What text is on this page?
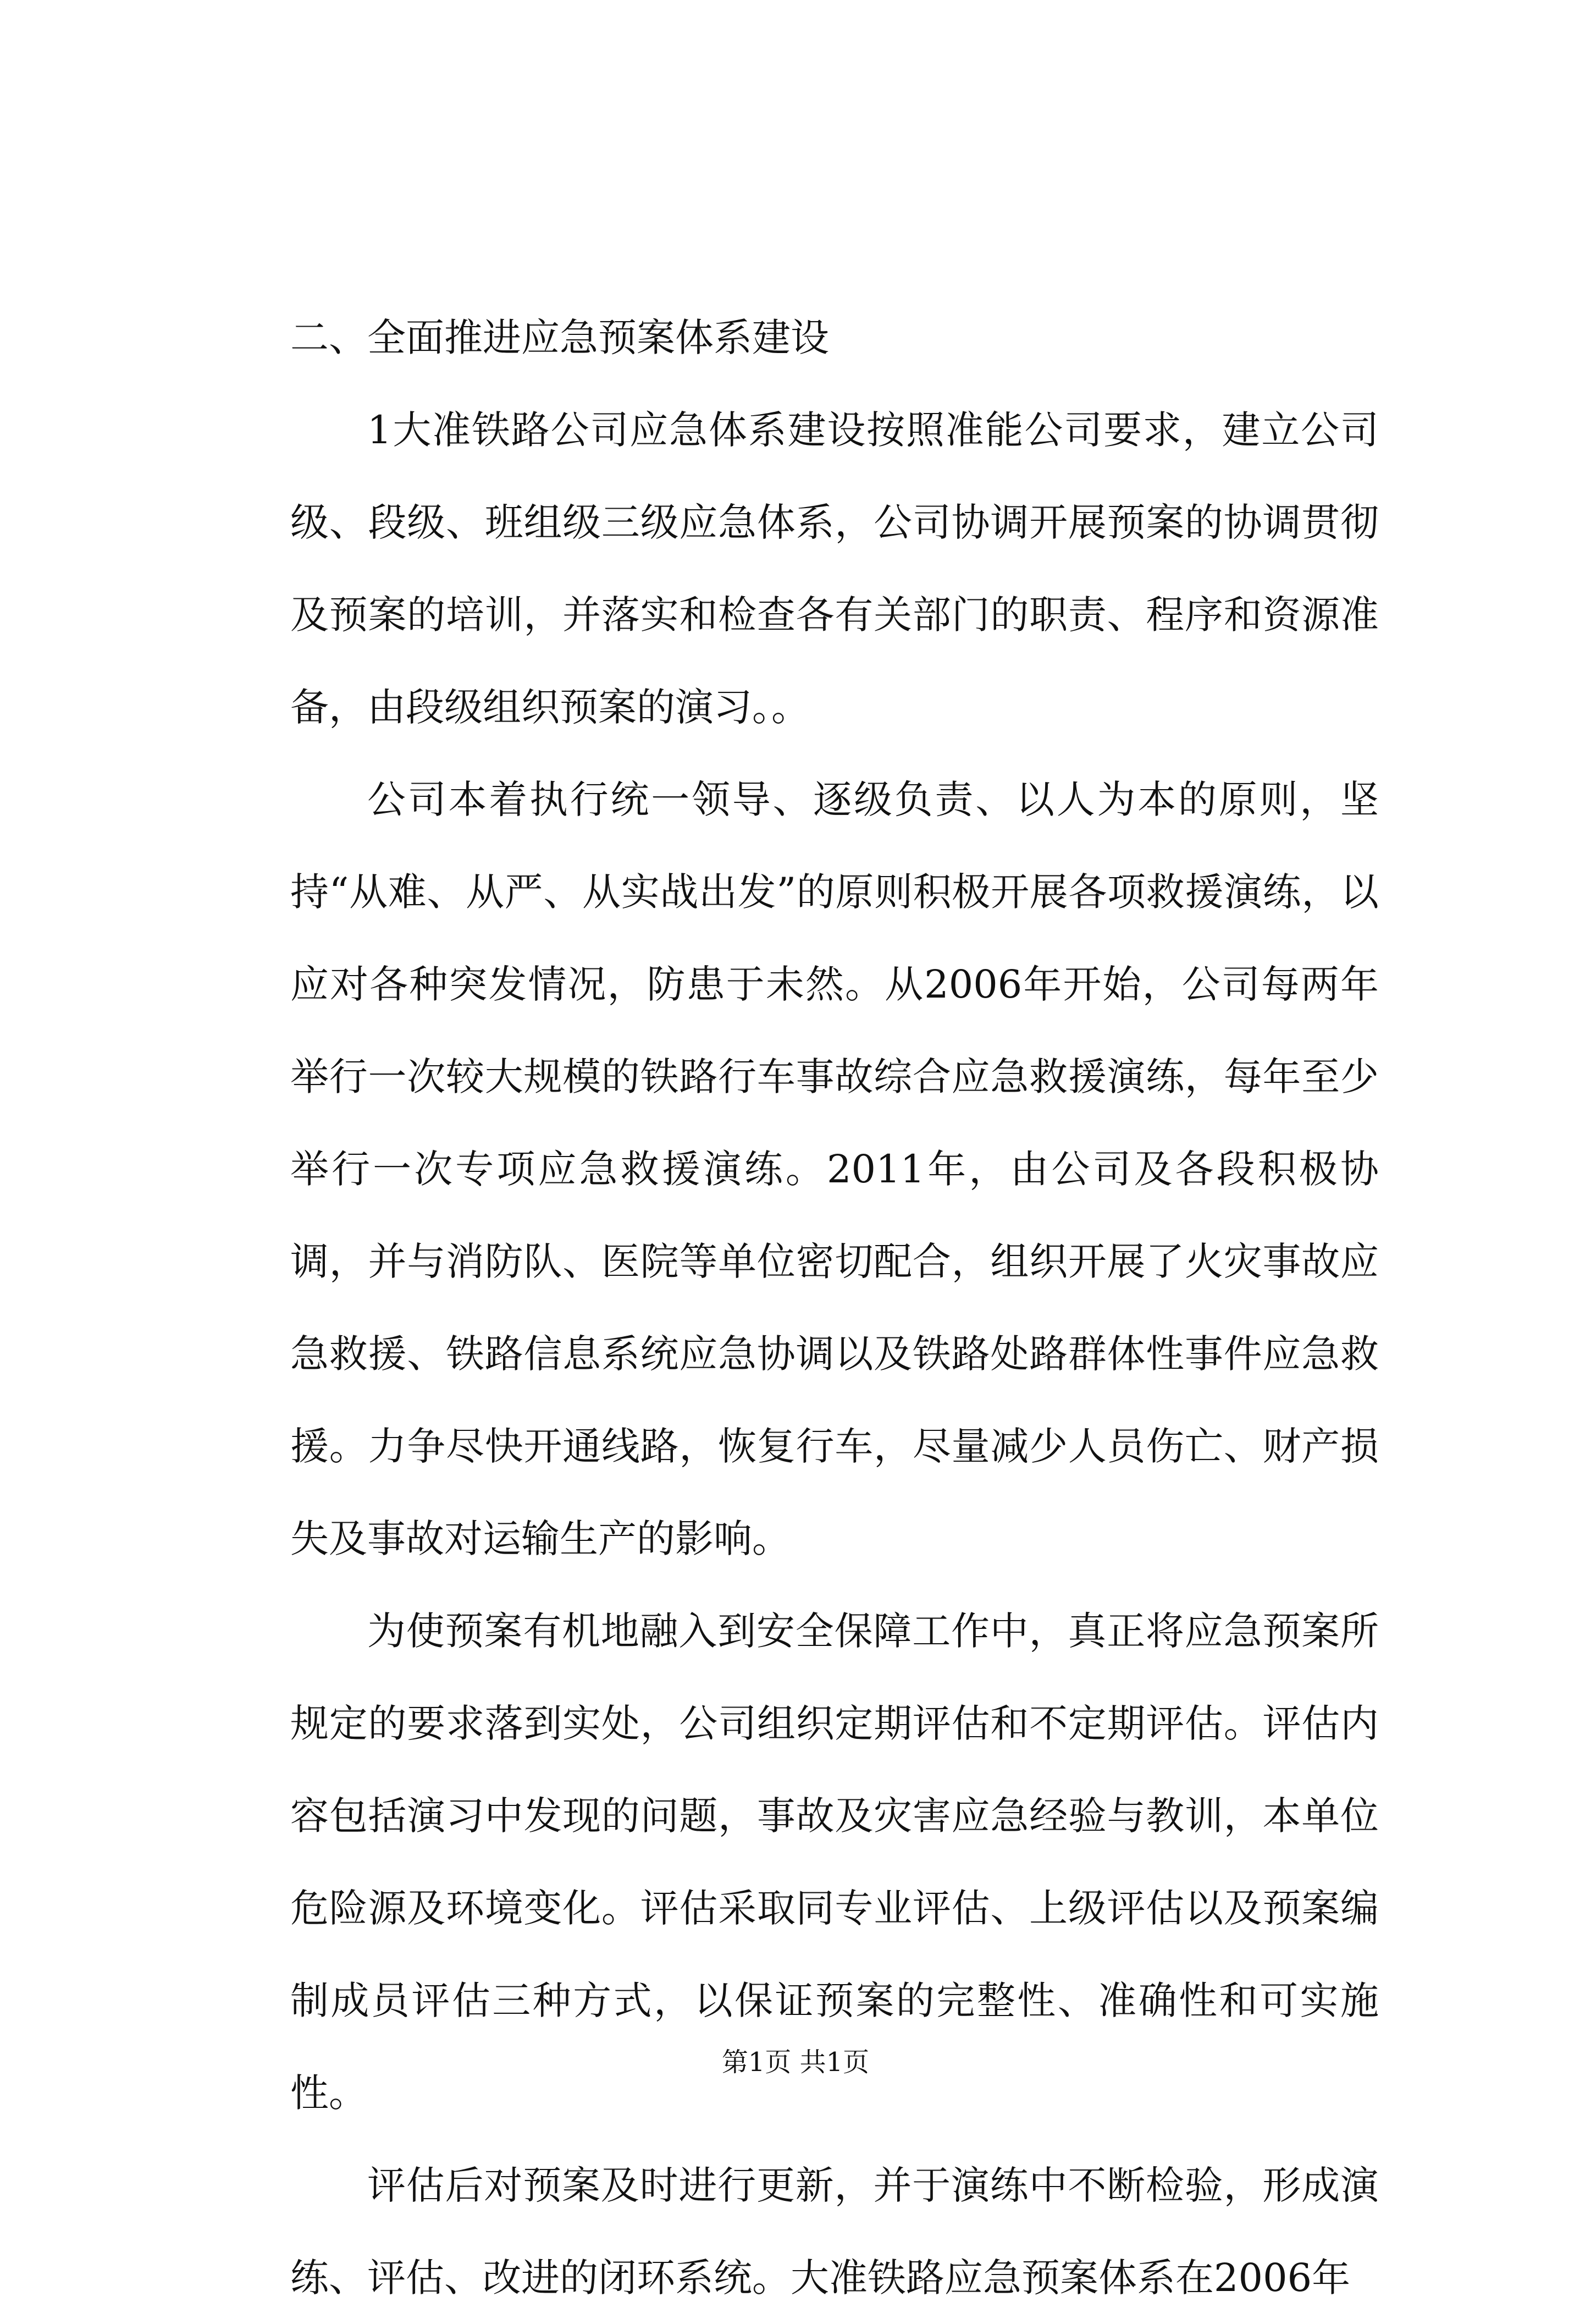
二、全面推进应急预案体系建设

1大准铁路公司应急体系建设按照准能公司要求，建立公司级、段级、班组级三级应急体系，公司协调开展预案的协调贯彻及预案的培训，并落实和检查各有关部门的职责、程序和资源准备，由段级组织预案的演习。。

公司本着执行统一领导、逐级负责、以人为本的原则，坚持“从难、从严、从实战出发”的原则积极开展各项救援演练，以应对各种突发情况，防患于未然。从2006年开始，公司每两年举行一次较大规模的铁路行车事故综合应急救援演练，每年至少举行一次专项应急救援演练。2011年，由公司及各段积极协调，并与消防队、医院等单位密切配合，组织开展了火灾事故应急救援、铁路信息系统应急协调以及铁路处路群体性事件应急救援。力争尽快开通线路，恢复行车，尽量减少人员伤亡、财产损失及事故对运输生产的影响。

为使预案有机地融入到安全保障工作中，真正将应急预案所规定的要求落到实处，公司组织定期评估和不定期评估。评估内容包括演习中发现的问题，事故及灾害应急经验与教训，本单位危险源及环境变化。评估采取同专业评估、上级评估以及预案编制成员评估三种方式，以保证预案的完整性、准确性和可实施性。

评估后对预案及时进行更新，并于演练中不断检验，形成演练、评估、改进的闭环系统。大准铁路应急预案体系在2006年

第1页 共1页
